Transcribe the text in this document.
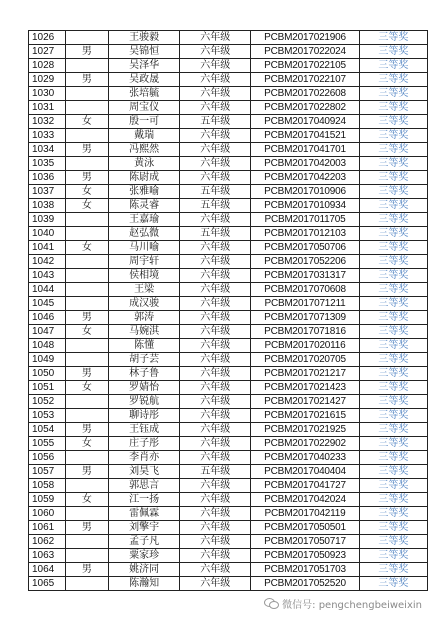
1026		王骏毅	六年级	PCBM2017021906	三等奖
1027	男	吴锦恒	六年级	PCBM2017022024	三等奖
1028		吴泽华	六年级	PCBM2017022105	三等奖
1029	男	吴政晟	六年级	PCBM2017022107	三等奖
1030		张培毓	六年级	PCBM2017022608	三等奖
1031		周宝仪	六年级	PCBM2017022802	三等奖
1032	女	殷一可	五年级	PCBM2017040924	三等奖
1033		戴瑞	六年级	PCBM2017041521	三等奖
1034	男	冯熙然	六年级	PCBM2017041701	三等奖
1035		黄泳	六年级	PCBM2017042003	三等奖
1036	男	陈尉成	六年级	PCBM2017042203	三等奖
1037	女	张雅喻	五年级	PCBM2017010906	三等奖
1038	女	陈灵睿	五年级	PCBM2017010934	三等奖
1039		王嘉瑜	六年级	PCBM2017011705	三等奖
1040		赵弘微	五年级	PCBM2017012103	三等奖
1041	女	马川喻	六年级	PCBM2017050706	三等奖
1042		周宇轩	六年级	PCBM2017052206	三等奖
1043		侯相境	六年级	PCBM2017031317	三等奖
1044		王梁	六年级	PCBM2017070608	三等奖
1045		成汉骏	六年级	PCBM2017071211	三等奖
1046	男	郭涛	六年级	PCBM2017071309	三等奖
1047	女	马婉淇	六年级	PCBM2017071816	三等奖
1048		陈懂	六年级	PCBM2017020116	三等奖
1049		胡子芸	六年级	PCBM2017020705	三等奖
1050	男	林子鲁	六年级	PCBM2017021217	三等奖
1051	女	罗婧怡	六年级	PCBM2017021423	三等奖
1052		罗锐航	六年级	PCBM2017021427	三等奖
1053		聊诗彤	六年级	PCBM2017021615	三等奖
1054	男	王钰成	六年级	PCBM2017021925	三等奖
1055	女	庄子彤	六年级	PCBM2017022902	三等奖
1056		李肖亦	六年级	PCBM2017040233	三等奖
1057	男	刘昊飞	五年级	PCBM2017040404	三等奖
1058		郭思言	六年级	PCBM2017041727	三等奖
1059	女	江一扬	六年级	PCBM2017042024	三等奖
1060		雷佩霖	六年级	PCBM2017042119	三等奖
1061	男	刘擎宇	六年级	PCBM2017050501	三等奖
1062		孟子凡	六年级	PCBM2017050717	三等奖
1063		粟家珍	六年级	PCBM2017050923	三等奖
1064	男	姚济同	六年级	PCBM2017051703	三等奖
1065		陈瀚知	六年级	PCBM2017052520	三等奖
微信号: pengchengbeiweixin
